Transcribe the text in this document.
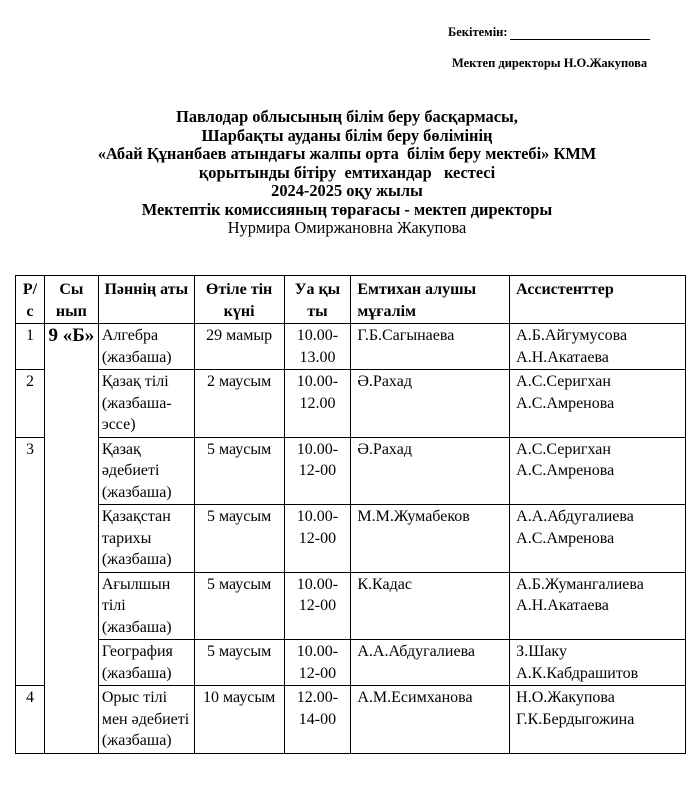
Бекітемін:
Мектеп директоры Н.О.Жакупова
Павлодар облысының білім беру басқармасы,
Шарбақты ауданы білім беру бөлімінің
«Абай Құнанбаев атындағы жалпы орта  білім беру мектебі» КММ
қорытынды бітіру  емтихандар   кестесі
2024-2025 оқу жылы
Мектептік комиссияның төрағасы - мектеп директоры
Нурмира Омиржановна Жакупова
Р/ с	Сы нып	Пәннің аты	Өтіле тін күні	Уа қы ты	Емтихан алушы мұғалім	Ассистенттер
1	9 «Б»	Алгебра (жазбаша)	29 мамыр	10.00-13.00	Г.Б.Сагынаева	А.Б.Айгумусова А.Н.Акатаева
2		Қазақ тілі (жазбаша-эссе)	2 маусым	10.00-12.00	Ә.Рахад	А.С.Серигхан А.С.Амренова
3		Қазақ әдебиеті (жазбаша)	5 маусым	10.00-12-00	Ә.Рахад	А.С.Серигхан А.С.Амренова
		Қазақстан тарихы (жазбаша)	5 маусым	10.00-12-00	М.М.Жумабеков	А.А.Абдугалиева А.С.Амренова
		Ағылшын тілі (жазбаша)	5 маусым	10.00-12-00	К.Кадас	А.Б.Жумангалиева А.Н.Акатаева
		География (жазбаша)	5 маусым	10.00-12-00	А.А.Абдугалиева	З.Шаку А.К.Кабдрашитов
4		Орыс тілі мен әдебиеті (жазбаша)	10 маусым	12.00-14-00	А.М.Есимханова	Н.О.Жакупова Г.К.Бердыгожина
